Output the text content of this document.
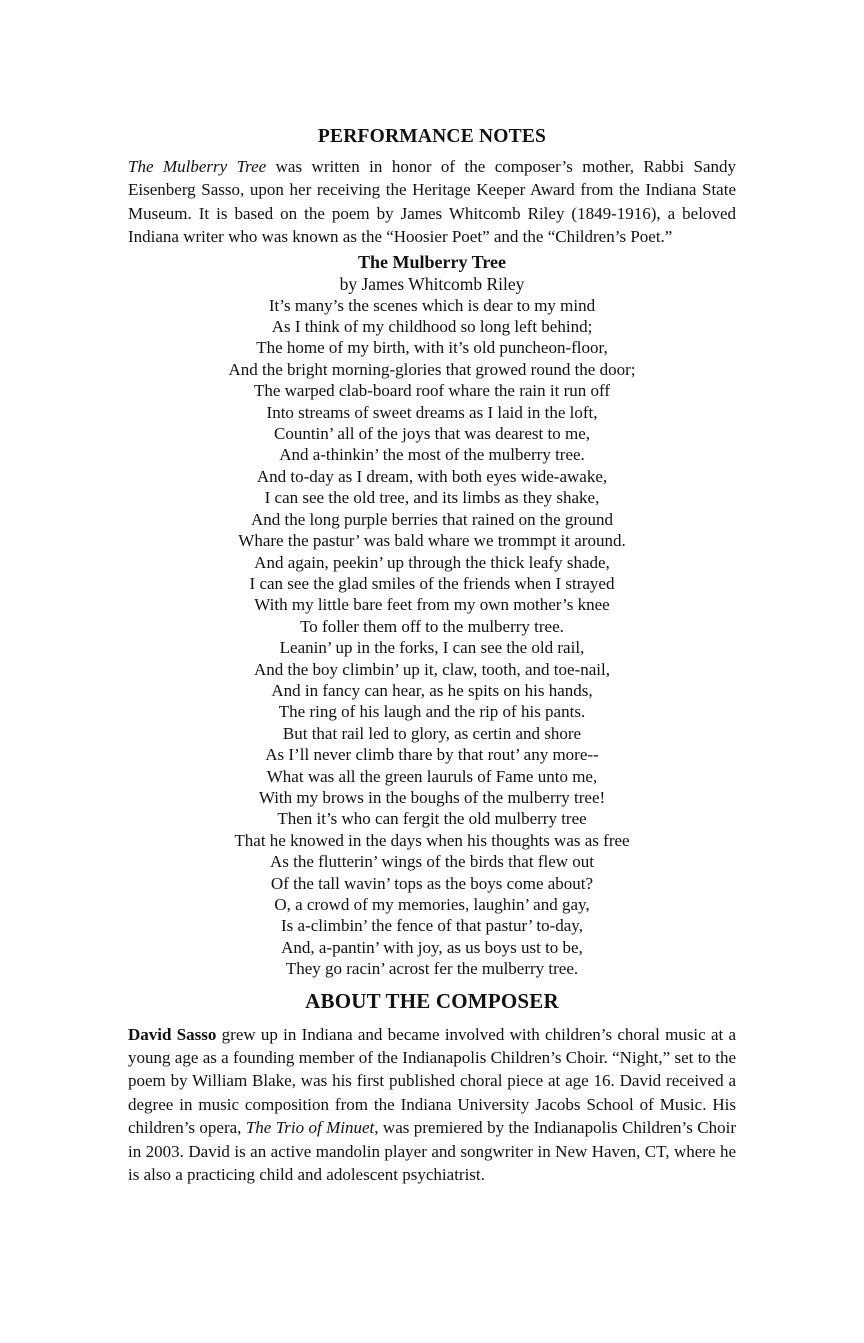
PERFORMANCE NOTES

The Mulberry Tree was written in honor of the composer’s mother, Rabbi Sandy Eisenberg Sasso, upon her receiving the Heritage Keeper Award from the Indiana State Museum. It is based on the poem by James Whitcomb Riley (1849-1916), a beloved Indiana writer who was known as the “Hoosier Poet” and the “Children’s Poet.”

The Mulberry Tree
by James Whitcomb Riley
It’s many’s the scenes which is dear to my mind
As I think of my childhood so long left behind;
The home of my birth, with it’s old puncheon-floor,
And the bright morning-glories that growed round the door;
The warped clab-board roof whare the rain it run off
Into streams of sweet dreams as I laid in the loft,
Countin’ all of the joys that was dearest to me,
And a-thinkin’ the most of the mulberry tree.
And to-day as I dream, with both eyes wide-awake,
I can see the old tree, and its limbs as they shake,
And the long purple berries that rained on the ground
Whare the pastur’ was bald whare we trommpt it around.
And again, peekin’ up through the thick leafy shade,
I can see the glad smiles of the friends when I strayed
With my little bare feet from my own mother’s knee
To foller them off to the mulberry tree.
Leanin’ up in the forks, I can see the old rail,
And the boy climbin’ up it, claw, tooth, and toe-nail,
And in fancy can hear, as he spits on his hands,
The ring of his laugh and the rip of his pants.
But that rail led to glory, as certin and shore
As I’ll never climb thare by that rout’ any more--
What was all the green lauruls of Fame unto me,
With my brows in the boughs of the mulberry tree!
Then it’s who can fergit the old mulberry tree
That he knowed in the days when his thoughts was as free
As the flutterin’ wings of the birds that flew out
Of the tall wavin’ tops as the boys come about?
O, a crowd of my memories, laughin’ and gay,
Is a-climbin’ the fence of that pastur’ to-day,
And, a-pantin’ with joy, as us boys ust to be,
They go racin’ acrost fer the mulberry tree.
ABOUT THE COMPOSER

David Sasso grew up in Indiana and became involved with children’s choral music at a young age as a founding member of the Indianapolis Children’s Choir. “Night,” set to the poem by William Blake, was his first published choral piece at age 16. David received a degree in music composition from the Indiana University Jacobs School of Music. His children’s opera, The Trio of Minuet, was premiered by the Indianapolis Children’s Choir in 2003. David is an active mandolin player and songwriter in New Haven, CT, where he is also a practicing child and adolescent psychiatrist.
